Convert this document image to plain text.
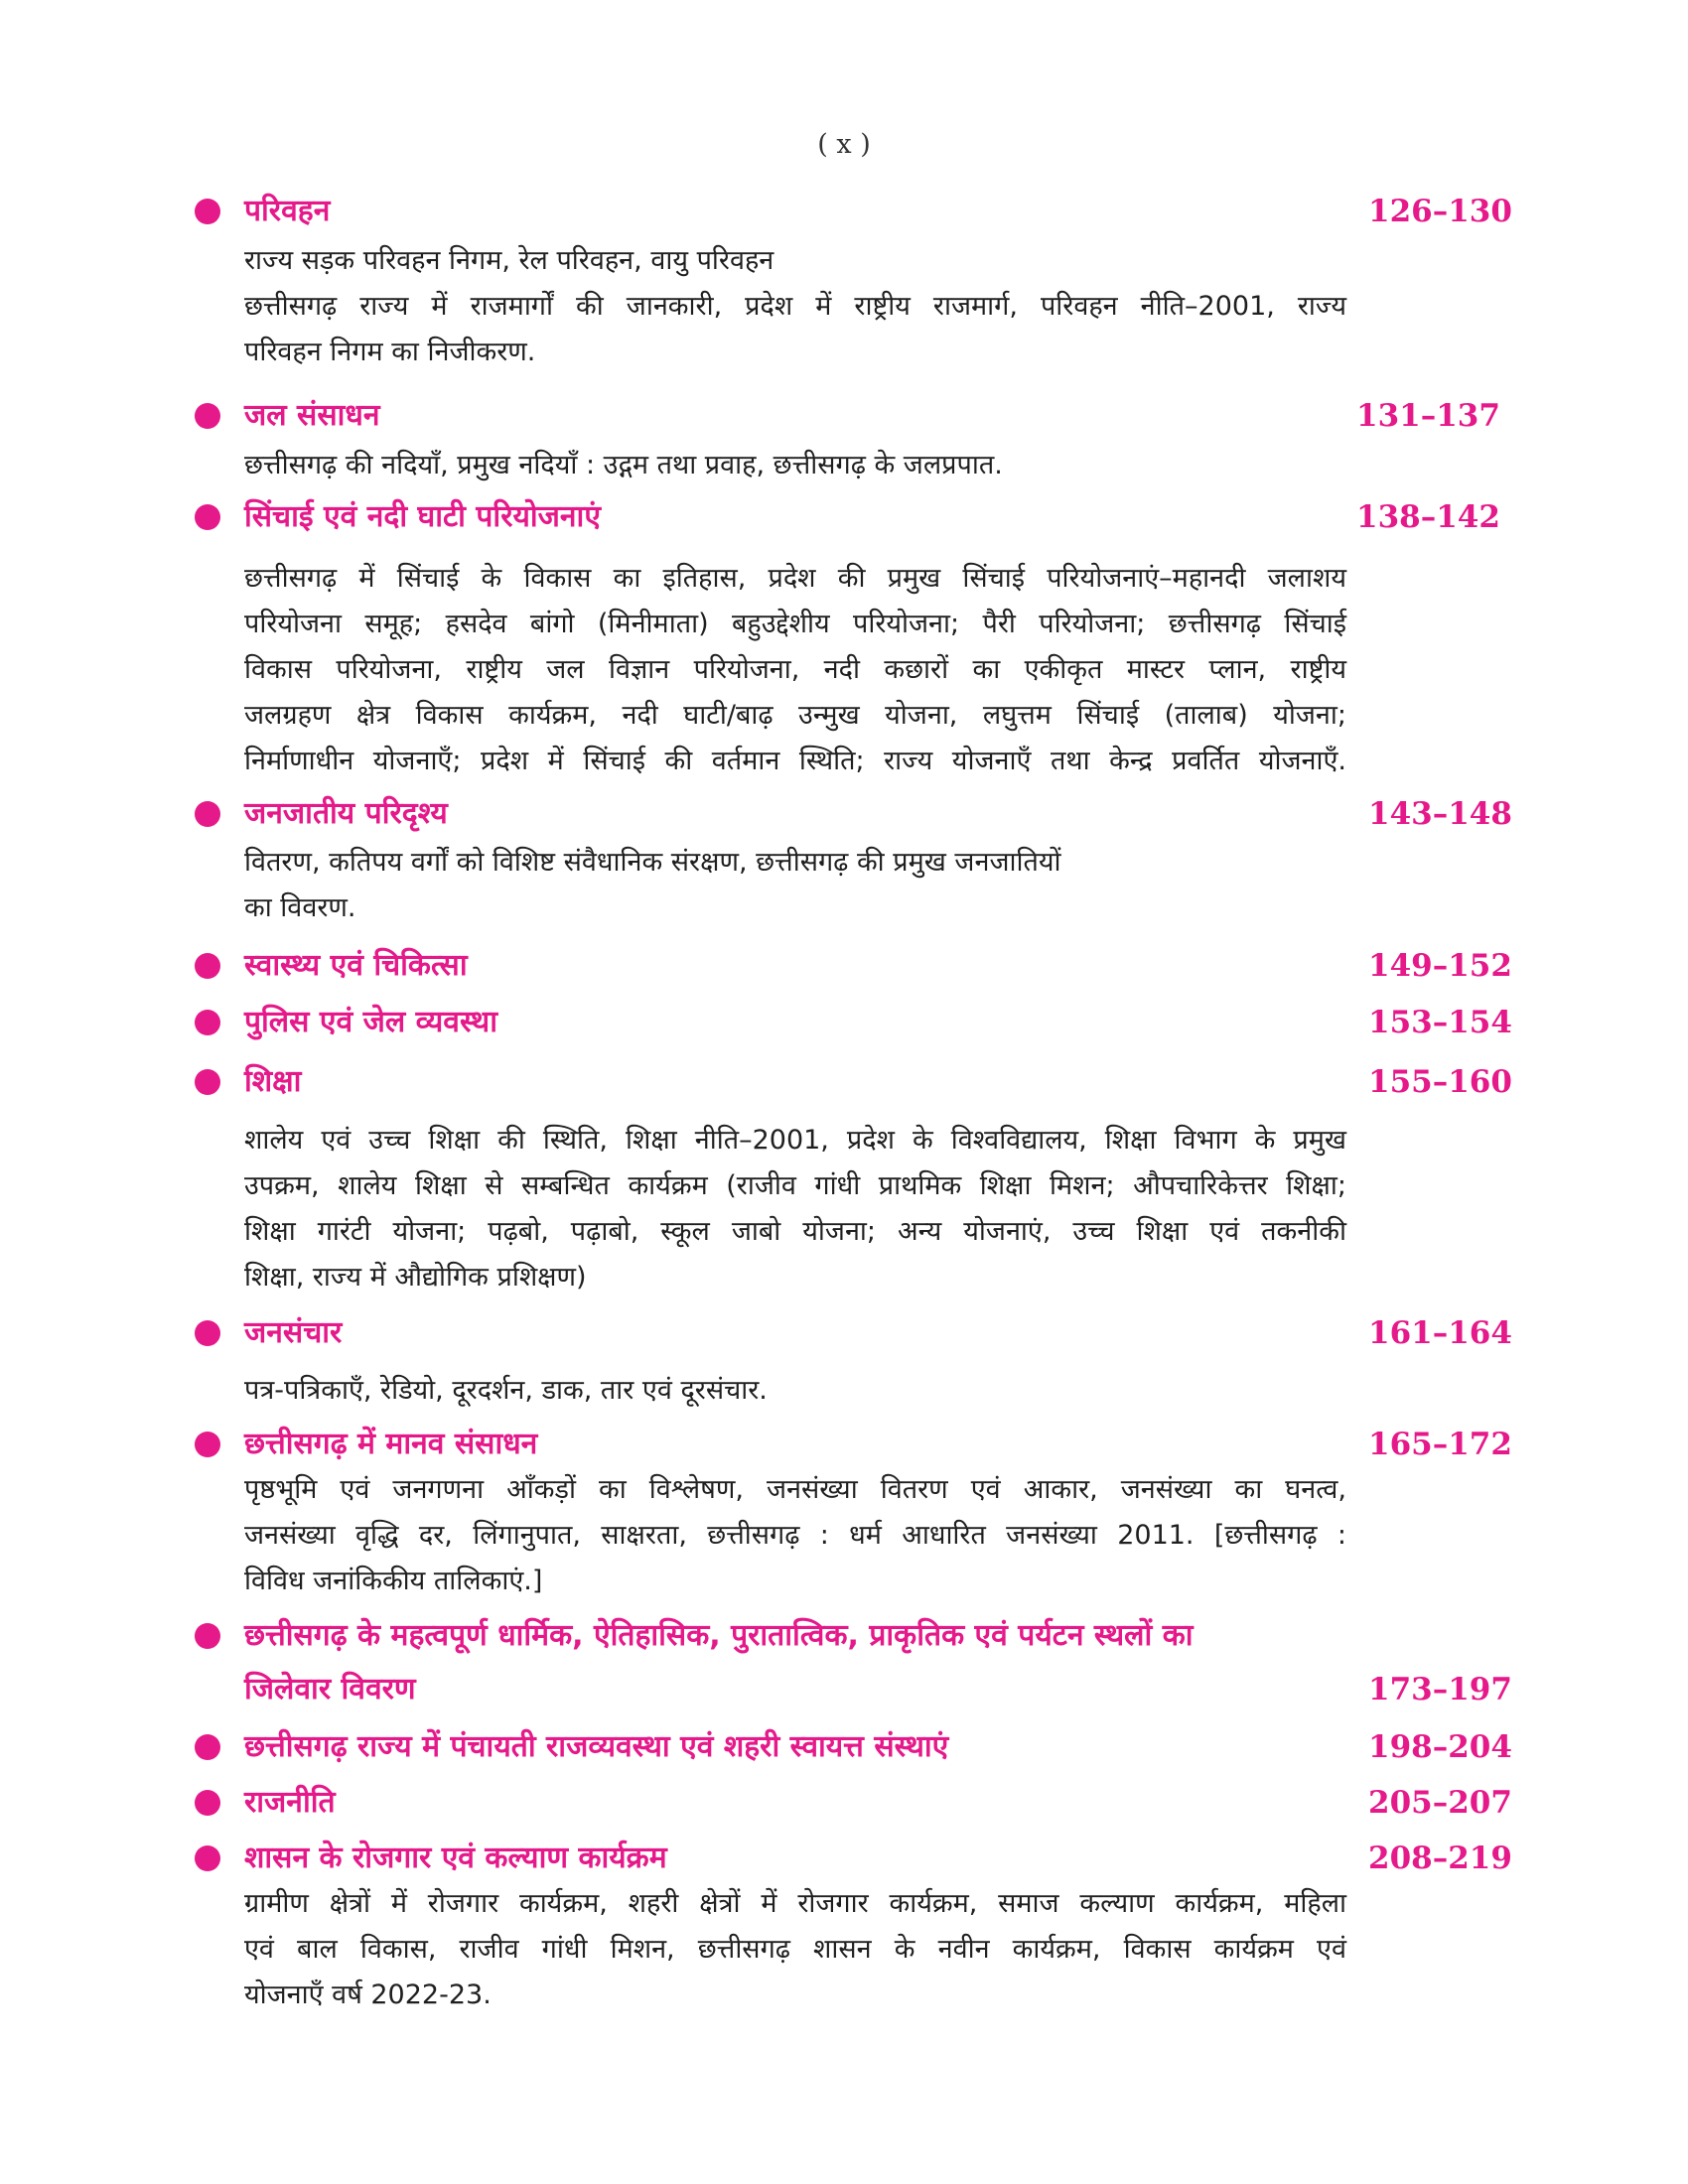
( x )
परिवहन	126–130
राज्य सड़क परिवहन निगम, रेल परिवहन, वायु परिवहन
छत्तीसगढ़ राज्य में राजमार्गों की जानकारी, प्रदेश में राष्ट्रीय राजमार्ग, परिवहन नीति–2001, राज्य
परिवहन निगम का निजीकरण.
जल संसाधन	131–137
छत्तीसगढ़ की नदियाँ, प्रमुख नदियाँ : उद्गम तथा प्रवाह, छत्तीसगढ़ के जलप्रपात.
सिंचाई एवं नदी घाटी परियोजनाएं	138–142
छत्तीसगढ़ में सिंचाई के विकास का इतिहास, प्रदेश की प्रमुख सिंचाई परियोजनाएं–महानदी जलाशय
परियोजना समूह; हसदेव बांगो (मिनीमाता) बहुउद्देशीय परियोजना; पैरी परियोजना; छत्तीसगढ़ सिंचाई
विकास परियोजना, राष्ट्रीय जल विज्ञान परियोजना, नदी कछारों का एकीकृत मास्टर प्लान, राष्ट्रीय
जलग्रहण क्षेत्र विकास कार्यक्रम, नदी घाटी/बाढ़ उन्मुख योजना, लघुत्तम सिंचाई (तालाब) योजना;
निर्माणाधीन योजनाएँ; प्रदेश में सिंचाई की वर्तमान स्थिति; राज्य योजनाएँ तथा केन्द्र प्रवर्तित योजनाएँ.
जनजातीय परिदृश्य	143–148
वितरण, कतिपय वर्गों को विशिष्ट संवैधानिक संरक्षण, छत्तीसगढ़ की प्रमुख जनजातियों
का विवरण.
स्वास्थ्य एवं चिकित्सा	149–152
पुलिस एवं जेल व्यवस्था	153–154
शिक्षा	155–160
शालेय एवं उच्च शिक्षा की स्थिति, शिक्षा नीति–2001, प्रदेश के विश्वविद्यालय, शिक्षा विभाग के प्रमुख
उपक्रम, शालेय शिक्षा से सम्बन्धित कार्यक्रम (राजीव गांधी प्राथमिक शिक्षा मिशन; औपचारिकेत्तर शिक्षा;
शिक्षा गारंटी योजना; पढ़बो, पढ़ाबो, स्कूल जाबो योजना; अन्य योजनाएं, उच्च शिक्षा एवं तकनीकी
शिक्षा, राज्य में औद्योगिक प्रशिक्षण)
जनसंचार	161–164
पत्र-पत्रिकाएँ, रेडियो, दूरदर्शन, डाक, तार एवं दूरसंचार.
छत्तीसगढ़ में मानव संसाधन	165–172
पृष्ठभूमि एवं जनगणना आँकड़ों का विश्लेषण, जनसंख्या वितरण एवं आकार, जनसंख्या का घनत्व,
जनसंख्या वृद्धि दर, लिंगानुपात, साक्षरता, छत्तीसगढ़ : धर्म आधारित जनसंख्या 2011. [छत्तीसगढ़ :
विविध जनांकिकीय तालिकाएं.]
छत्तीसगढ़ के महत्वपूर्ण धार्मिक, ऐतिहासिक, पुरातात्विक, प्राकृतिक एवं पर्यटन स्थलों का
जिलेवार विवरण	173–197
छत्तीसगढ़ राज्य में पंचायती राजव्यवस्था एवं शहरी स्वायत्त संस्थाएं	198–204
राजनीति	205–207
शासन के रोजगार एवं कल्याण कार्यक्रम	208–219
ग्रामीण क्षेत्रों में रोजगार कार्यक्रम, शहरी क्षेत्रों में रोजगार कार्यक्रम, समाज कल्याण कार्यक्रम, महिला
एवं बाल विकास, राजीव गांधी मिशन, छत्तीसगढ़ शासन के नवीन कार्यक्रम, विकास कार्यक्रम एवं
योजनाएँ वर्ष 2022-23.
